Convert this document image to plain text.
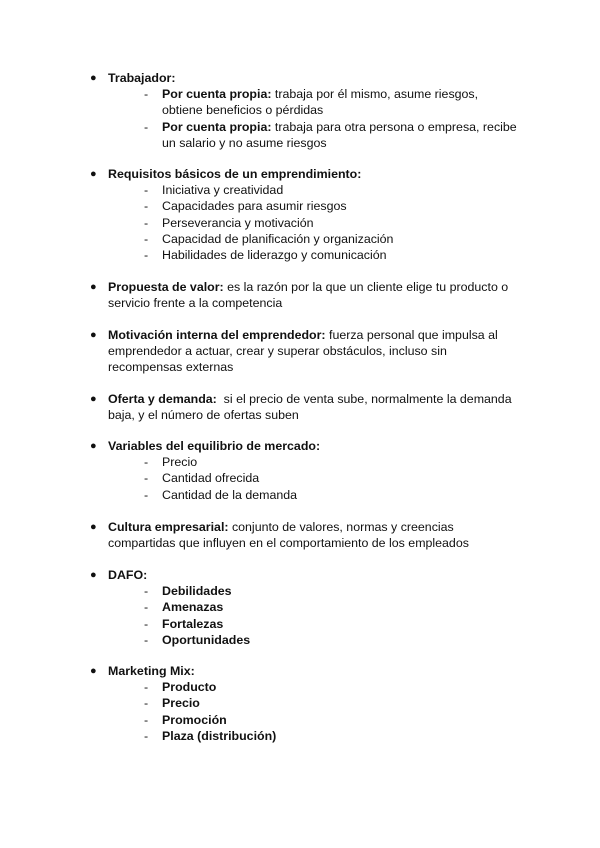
● Trabajador:
- Por cuenta propia: trabaja por él mismo, asume riesgos, obtiene beneficios o pérdidas
- Por cuenta propia: trabaja para otra persona o empresa, recibe un salario y no asume riesgos
● Requisitos básicos de un emprendimiento:
- Iniciativa y creatividad
- Capacidades para asumir riesgos
- Perseverancia y motivación
- Capacidad de planificación y organización
- Habilidades de liderazgo y comunicación
● Propuesta de valor: es la razón por la que un cliente elige tu producto o servicio frente a la competencia
● Motivación interna del emprendedor: fuerza personal que impulsa al emprendedor a actuar, crear y superar obstáculos, incluso sin recompensas externas
● Oferta y demanda:  si el precio de venta sube, normalmente la demanda baja, y el número de ofertas suben
● Variables del equilibrio de mercado:
- Precio
- Cantidad ofrecida
- Cantidad de la demanda
● Cultura empresarial: conjunto de valores, normas y creencias compartidas que influyen en el comportamiento de los empleados
● DAFO:
- Debilidades
- Amenazas
- Fortalezas
- Oportunidades
● Marketing Mix:
- Producto
- Precio
- Promoción
- Plaza (distribución)
